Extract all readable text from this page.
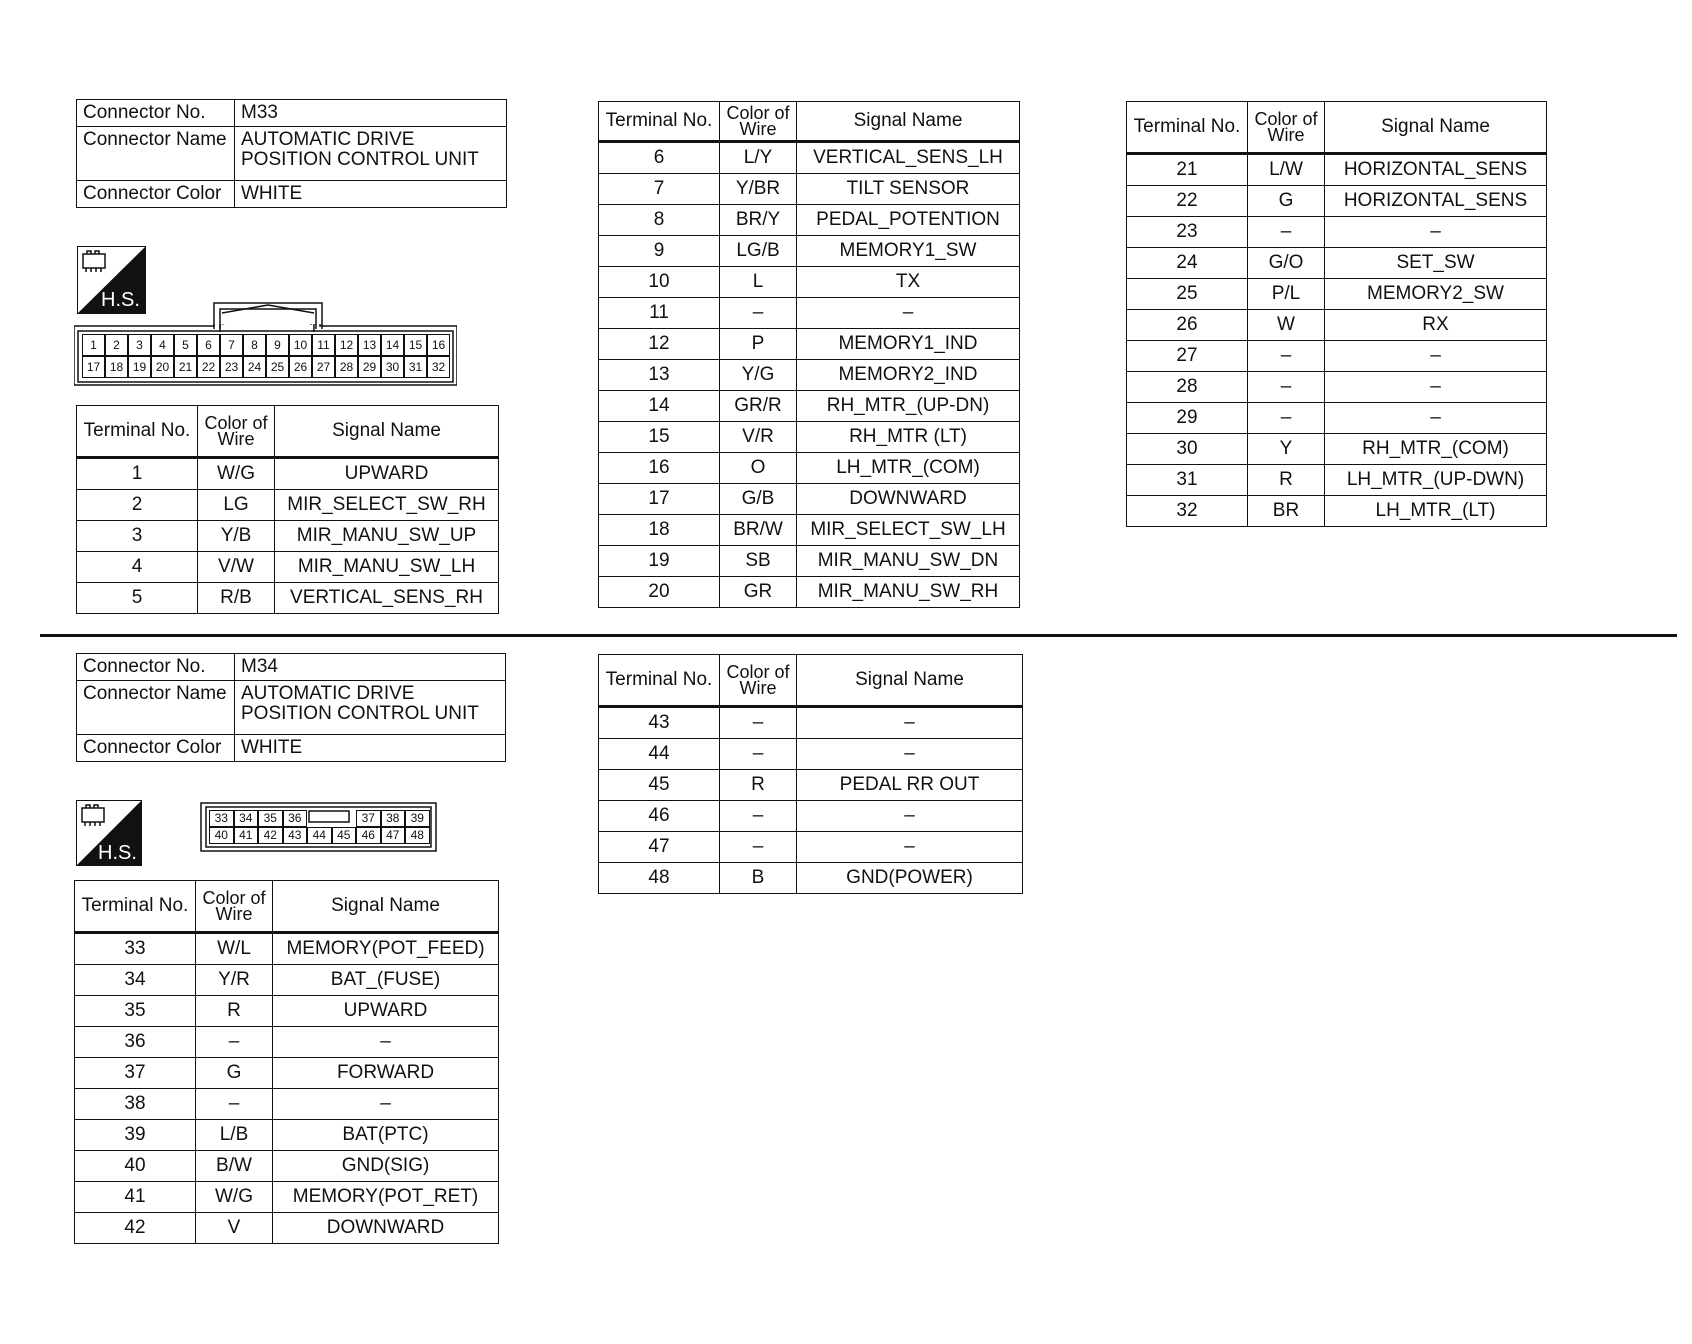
Connector No.	M33
Connector Name	AUTOMATIC DRIVE
POSITION CONTROL UNIT

Connector Color	WHITE
H.S.
1	2	3	4	5	6	7	8	9	10 11 12 13 14 15 16
17 18 19 20 21 22 23 24 25 26 27 28 29 30 31 32
Terminal No.	Color of Wire	Signal Name
1	W/G	UPWARD
2	LG	MIR_SELECT_SW_RH
3	Y/B	MIR_MANU_SW_UP
4	V/W	MIR_MANU_SW_LH
5	R/B	VERTICAL_SENS_RH
Terminal No.	Color of Wire	Signal Name
6	L/Y	VERTICAL_SENS_LH
7	Y/BR	TILT SENSOR
8	BR/Y	PEDAL_POTENTION
9	LG/B	MEMORY1_SW
10	L	TX
11	–	–
12	P	MEMORY1_IND
13	Y/G	MEMORY2_IND
14	GR/R	RH_MTR_(UP-DN)
15	V/R	RH_MTR (LT)
16	O	LH_MTR_(COM)
17	G/B	DOWNWARD
18	BR/W	MIR_SELECT_SW_LH
19	SB	MIR_MANU_SW_DN
20	GR	MIR_MANU_SW_RH
Terminal No.	Color of Wire	Signal Name
21	L/W	HORIZONTAL_SENS
22	G	HORIZONTAL_SENS
23	–	–
24	G/O	SET_SW
25	P/L	MEMORY2_SW
26	W	RX
27	–	–
28	–	–
29	–	–
30	Y	RH_MTR_(COM)
31	R	LH_MTR_(UP-DWN)
32	BR	LH_MTR_(LT)
Connector No.	M34
Connector Name	AUTOMATIC DRIVE
POSITION CONTROL UNIT

Connector Color	WHITE
H.S.
33 34 35 36	37 38 39
40 41 42 43 44 45 46 47 48
Terminal No.	Color of Wire	Signal Name
33	W/L	MEMORY(POT_FEED)
34	Y/R	BAT_(FUSE)
35	R	UPWARD
36	–	–
37	G	FORWARD
38	–	–
39	L/B	BAT(PTC)
40	B/W	GND(SIG)
41	W/G	MEMORY(POT_RET)
42	V	DOWNWARD
Terminal No.	Color of Wire	Signal Name
43	–	–
44	–	–
45	R	PEDAL RR OUT
46	–	–
47	–	–
48	B	GND(POWER)
